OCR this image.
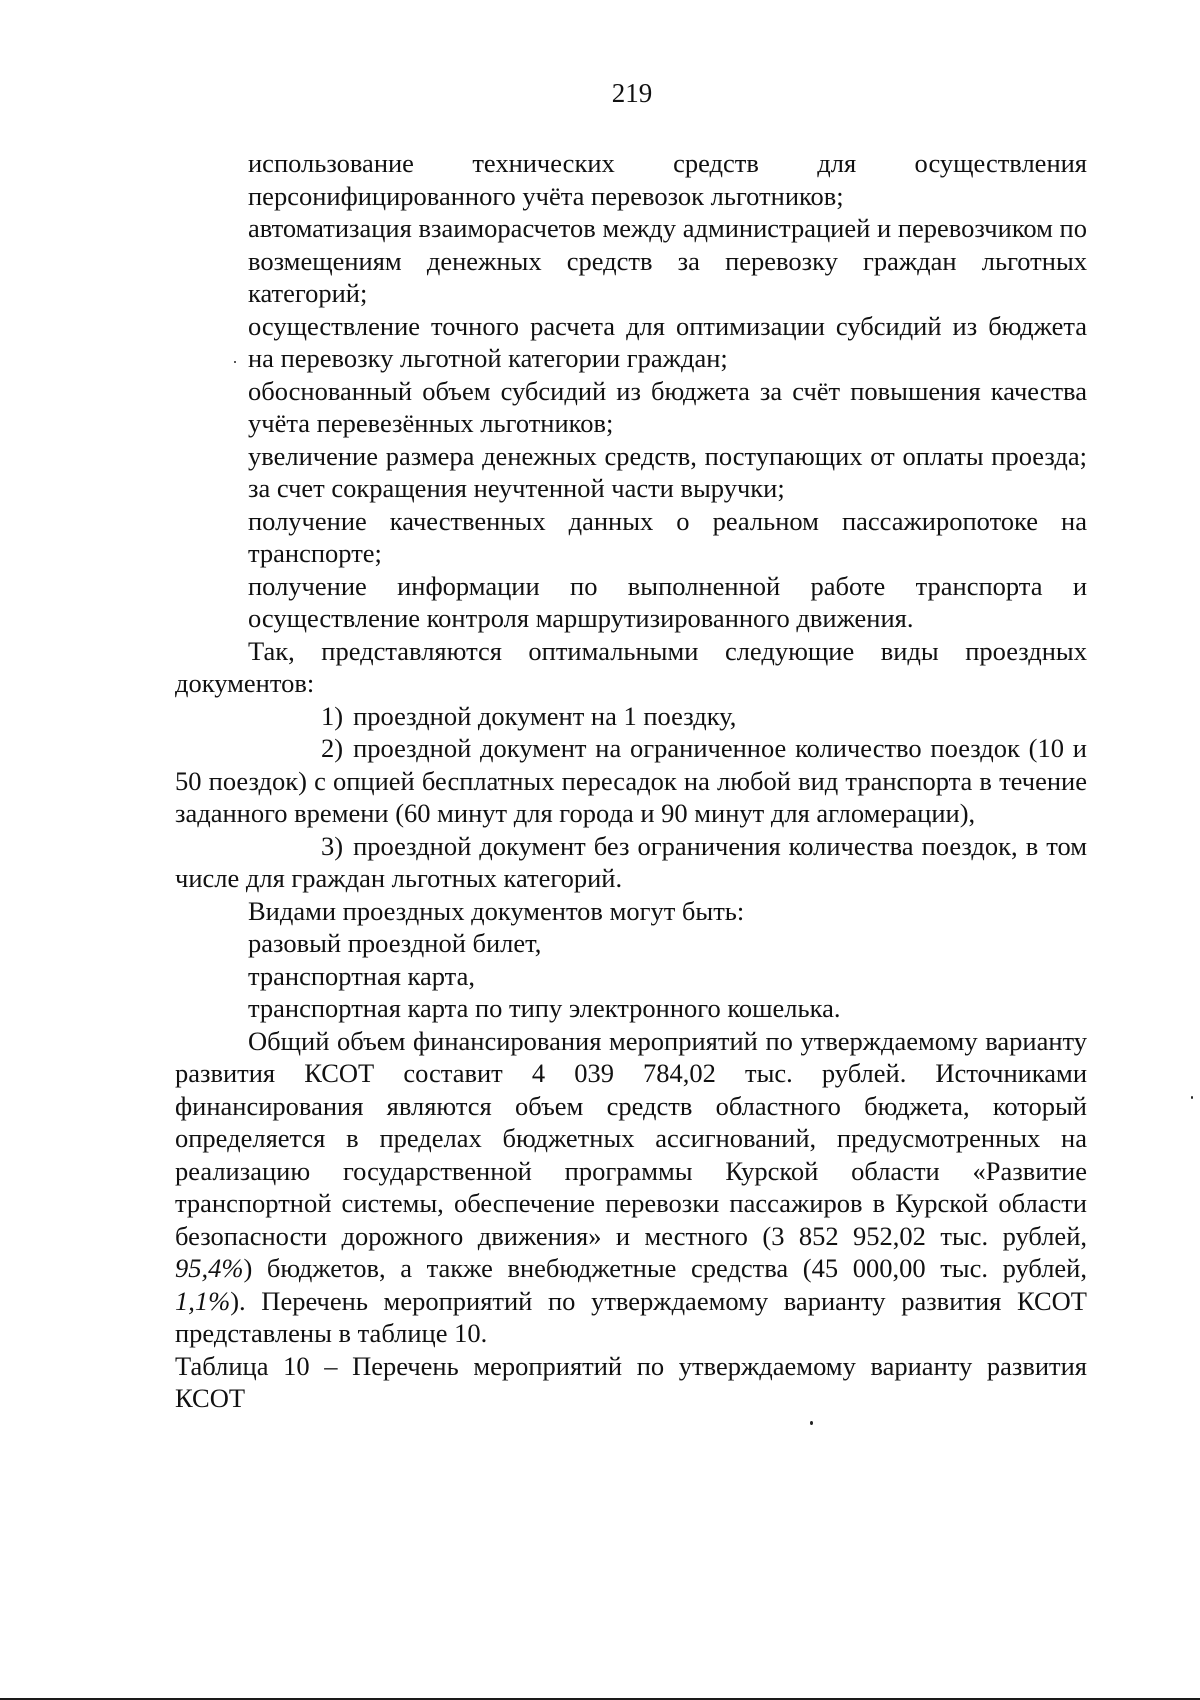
219

использование технических средств для осуществления персонифицированного учёта перевозок льготников;

автоматизация взаиморасчетов между администрацией и перевозчиком по возмещениям денежных средств за перевозку граждан льготных категорий;

осуществление точного расчета для оптимизации субсидий из бюджета на перевозку льготной категории граждан;

обоснованный объем субсидий из бюджета за счёт повышения качества учёта перевезённых льготников;

увеличение размера денежных средств, поступающих от оплаты проезда; за счет сокращения неучтенной части выручки;

получение качественных данных о реальном пассажиропотоке на транспорте;

получение информации по выполненной работе транспорта и осуществление контроля маршрутизированного движения.

Так, представляются оптимальными следующие виды проездных документов:

1) проездной документ на 1 поездку,

2) проездной документ на ограниченное количество поездок (10 и 50 поездок) с опцией бесплатных пересадок на любой вид транспорта в течение заданного времени (60 минут для города и 90 минут для агломерации),

3) проездной документ без ограничения количества поездок, в том числе для граждан льготных категорий.

Видами проездных документов могут быть:

разовый проездной билет,

транспортная карта,

транспортная карта по типу электронного кошелька.

Общий объем финансирования мероприятий по утверждаемому варианту развития КСОТ составит 4 039 784,02 тыс. рублей. Источниками финансирования являются объем средств областного бюджета, который определяется в пределах бюджетных ассигнований, предусмотренных на реализацию государственной программы Курской области «Развитие транспортной системы, обеспечение перевозки пассажиров в Курской области безопасности дорожного движения» и местного (3 852 952,02 тыс. рублей, 95,4%) бюджетов, а также внебюджетные средства (45 000,00 тыс. рублей, 1,1%). Перечень мероприятий по утверждаемому варианту развития КСОТ представлены в таблице 10.

Таблица 10 – Перечень мероприятий по утверждаемому варианту развития КСОТ
